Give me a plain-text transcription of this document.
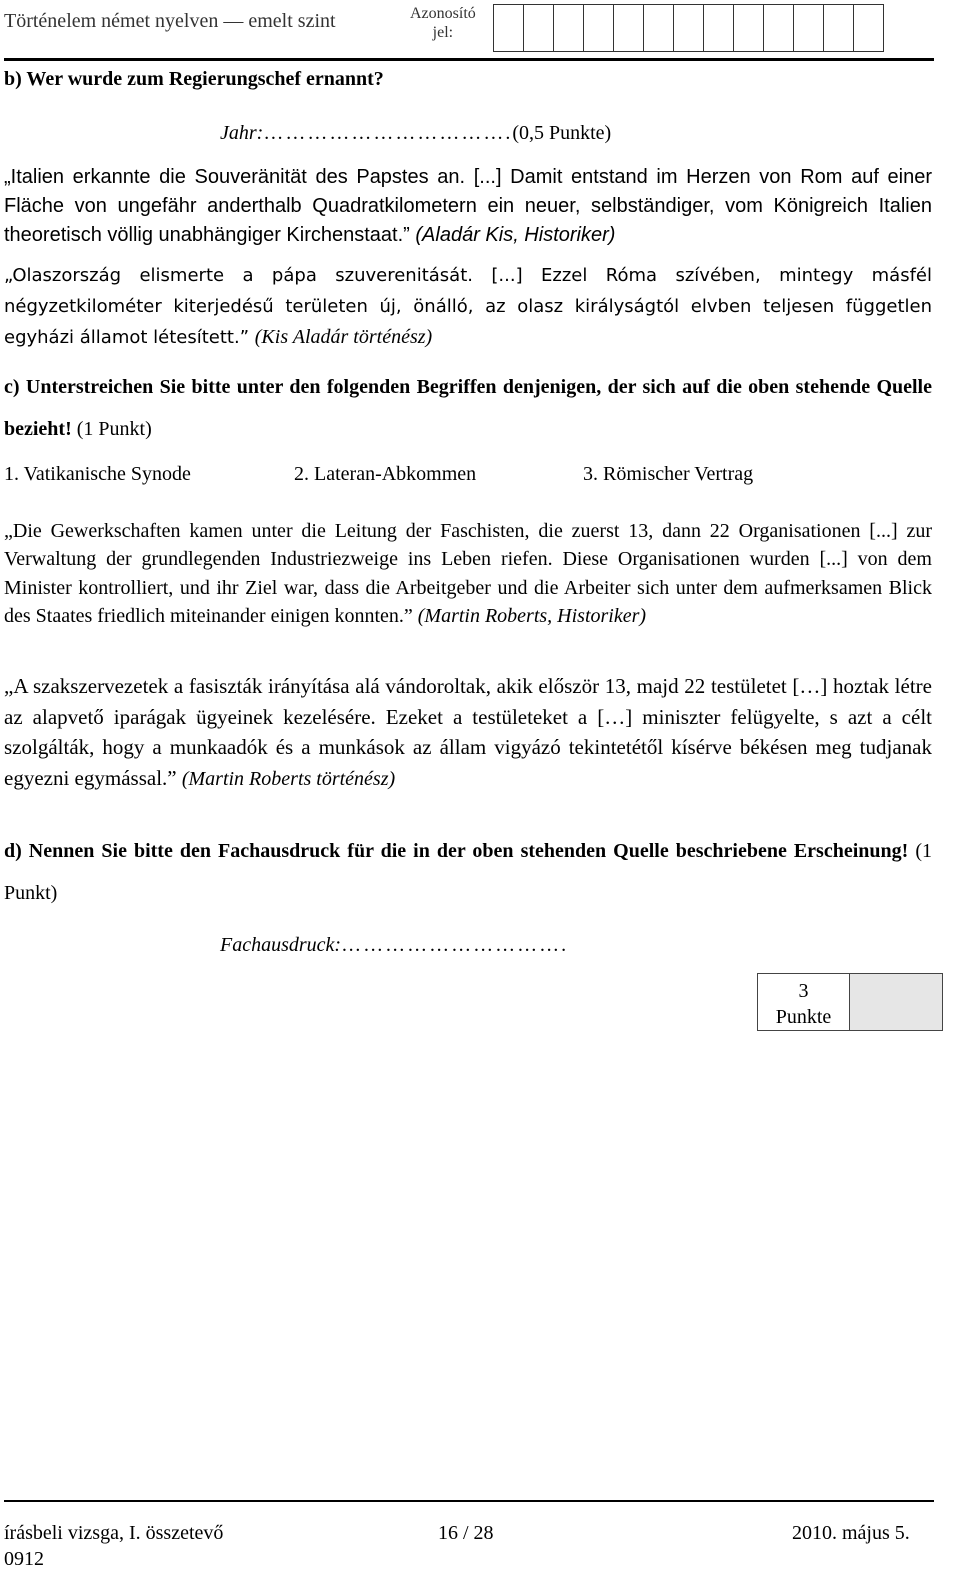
Történelem német nyelven — emelt szint	Azonosító
jel:
b) Wer wurde zum Regierungschef ernannt?
Jahr:…………………………….(0,5 Punkte)
„Italien erkannte die Souveränität des Papstes an. [...] Damit entstand im Herzen von Rom auf einer Fläche von ungefähr anderthalb Quadratkilometern ein neuer, selbständiger, vom Königreich Italien theoretisch völlig unabhängiger Kirchenstaat.” (Aladár Kis, Historiker)
„Olaszország elismerte a pápa szuverenitását. [...] Ezzel Róma szívében, mintegy másfél négyzetkilométer kiterjedésű területen új, önálló, az olasz királyságtól elvben teljesen független egyházi államot létesített.” (Kis Aladár történész)
c) Unterstreichen Sie bitte unter den folgenden Begriffen denjenigen, der sich auf die oben stehende Quelle bezieht! (1 Punkt)
1. Vatikanische Synode	2. Lateran-Abkommen	3. Römischer Vertrag
„Die Gewerkschaften kamen unter die Leitung der Faschisten, die zuerst 13, dann 22 Organisationen [...] zur Verwaltung der grundlegenden Industriezweige ins Leben riefen. Diese Organisationen wurden [...] von dem Minister kontrolliert, und ihr Ziel war, dass die Arbeitgeber und die Arbeiter sich unter dem aufmerksamen Blick des Staates friedlich miteinander einigen konnten.” (Martin Roberts, Historiker)
„A szakszervezetek a fasiszták irányítása alá vándoroltak, akik először 13, majd 22 testületet […] hoztak létre az alapvető iparágak ügyeinek kezelésére. Ezeket a testületeket a […] miniszter felügyelte, s azt a célt szolgálták, hogy a munkaadók és a munkások az állam vigyázó tekintetétől kísérve békésen meg tudjanak egyezni egymással.” (Martin Roberts történész)
d) Nennen Sie bitte den Fachausdruck für die in der oben stehenden Quelle beschriebene Erscheinung! (1 Punkt)
Fachausdruck:………………………….
3
Punkte
írásbeli vizsga, I. összetevő
0912
16 / 28	2010. május 5.
